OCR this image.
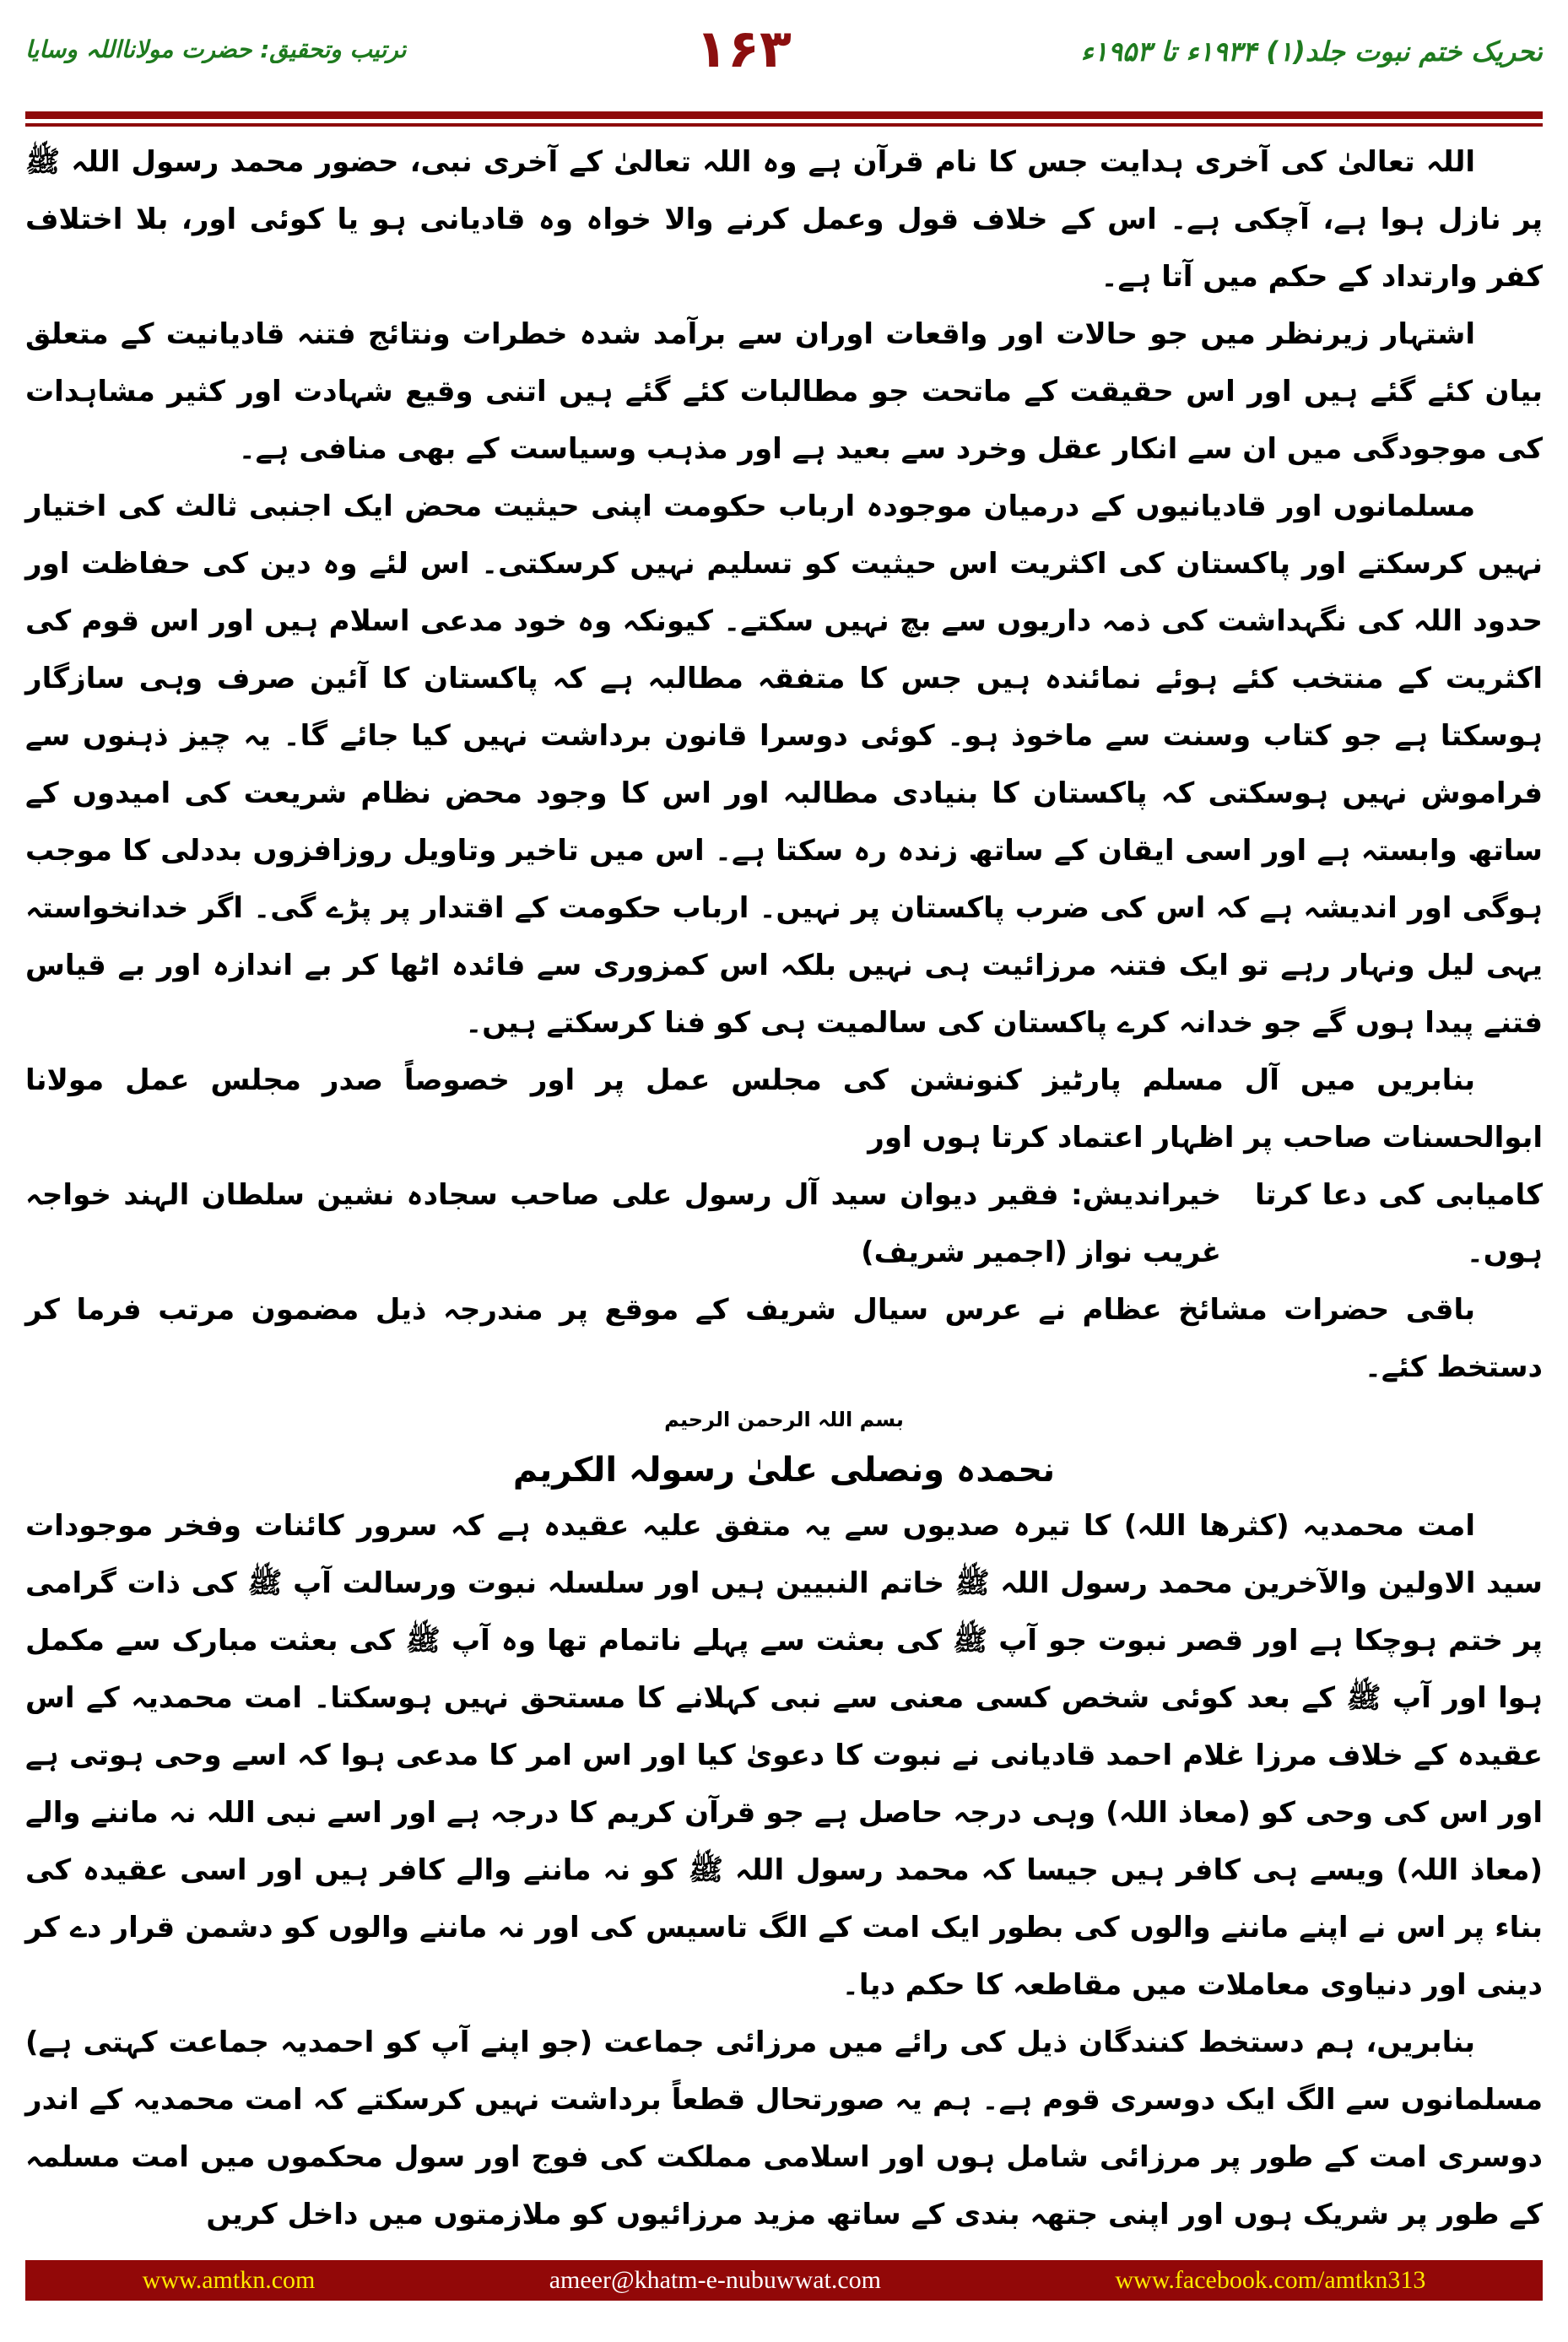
تحریک ختم نبوت جلد(۱) ۱۹۳۴ء تا ۱۹۵۳ء
۱۶۳
ترتیب وتحقیق: حضرت مولانااللہ وسایا

اللہ تعالیٰ کی آخری ہدایت جس کا نام قرآن ہے وہ اللہ تعالیٰ کے آخری نبی، حضور محمد رسول اللہ ﷺ پر نازل ہوا ہے، آچکی ہے۔ اس کے خلاف قول وعمل کرنے والا خواہ وہ قادیانی ہو یا کوئی اور، بلا اختلاف کفر وارتداد کے حکم میں آتا ہے۔

اشتہار زیرنظر میں جو حالات اور واقعات اوران سے برآمد شدہ خطرات ونتائج فتنہ قادیانیت کے متعلق بیان کئے گئے ہیں اور اس حقیقت کے ماتحت جو مطالبات کئے گئے ہیں اتنی وقیع شہادت اور کثیر مشاہدات کی موجودگی میں ان سے انکار عقل وخرد سے بعید ہے اور مذہب وسیاست کے بھی منافی ہے۔

مسلمانوں اور قادیانیوں کے درمیان موجودہ ارباب حکومت اپنی حیثیت محض ایک اجنبی ثالث کی اختیار نہیں کرسکتے اور پاکستان کی اکثریت اس حیثیت کو تسلیم نہیں کرسکتی۔ اس لئے وہ دین کی حفاظت اور حدود اللہ کی نگہداشت کی ذمہ داریوں سے بچ نہیں سکتے۔ کیونکہ وہ خود مدعی اسلام ہیں اور اس قوم کی اکثریت کے منتخب کئے ہوئے نمائندہ ہیں جس کا متفقہ مطالبہ ہے کہ پاکستان کا آئین صرف وہی سازگار ہوسکتا ہے جو کتاب وسنت سے ماخوذ ہو۔ کوئی دوسرا قانون برداشت نہیں کیا جائے گا۔ یہ چیز ذہنوں سے فراموش نہیں ہوسکتی کہ پاکستان کا بنیادی مطالبہ اور اس کا وجود محض نظام شریعت کی امیدوں کے ساتھ وابستہ ہے اور اسی ایقان کے ساتھ زندہ رہ سکتا ہے۔ اس میں تاخیر وتاویل روزافزوں بددلی کا موجب ہوگی اور اندیشہ ہے کہ اس کی ضرب پاکستان پر نہیں۔ ارباب حکومت کے اقتدار پر پڑے گی۔ اگر خدانخواستہ یہی لیل ونہار رہے تو ایک فتنہ مرزائیت ہی نہیں بلکہ اس کمزوری سے فائدہ اٹھا کر بے اندازہ اور بے قیاس فتنے پیدا ہوں گے جو خدانہ کرے پاکستان کی سالمیت ہی کو فنا کرسکتے ہیں۔

بنابریں میں آل مسلم پارٹیز کنونشن کی مجلس عمل پر اور خصوصاً صدر مجلس عمل مولانا ابوالحسنات صاحب پر اظہار اعتماد کرتا ہوں اور

کامیابی کی دعا کرتا ہوں۔
خیراندیش: فقیر دیوان سید آل رسول علی صاحب سجادہ نشین سلطان الہند خواجہ غریب نواز (اجمیر شریف)

باقی حضرات مشائخ عظام نے عرس سیال شریف کے موقع پر مندرجہ ذیل مضمون مرتب فرما کر دستخط کئے۔

بسم اللہ الرحمن الرحیم

نحمدہ ونصلی علیٰ رسولہ الکریم

امت محمدیہ (کثرھا اللہ) کا تیرہ صدیوں سے یہ متفق علیہ عقیدہ ہے کہ سرور کائنات وفخر موجودات سید الاولین والآخرین محمد رسول اللہ ﷺ خاتم النبیین ہیں اور سلسلہ نبوت ورسالت آپ ﷺ کی ذات گرامی پر ختم ہوچکا ہے اور قصر نبوت جو آپ ﷺ کی بعثت سے پہلے ناتمام تھا وہ آپ ﷺ کی بعثت مبارک سے مکمل ہوا اور آپ ﷺ کے بعد کوئی شخص کسی معنی سے نبی کہلانے کا مستحق نہیں ہوسکتا۔ امت محمدیہ کے اس عقیدہ کے خلاف مرزا غلام احمد قادیانی نے نبوت کا دعویٰ کیا اور اس امر کا مدعی ہوا کہ اسے وحی ہوتی ہے اور اس کی وحی کو (معاذ اللہ) وہی درجہ حاصل ہے جو قرآن کریم کا درجہ ہے اور اسے نبی اللہ نہ ماننے والے (معاذ اللہ) ویسے ہی کافر ہیں جیسا کہ محمد رسول اللہ ﷺ کو نہ ماننے والے کافر ہیں اور اسی عقیدہ کی بناء پر اس نے اپنے ماننے والوں کی بطور ایک امت کے الگ تاسیس کی اور نہ ماننے والوں کو دشمن قرار دے کر دینی اور دنیاوی معاملات میں مقاطعہ کا حکم دیا۔

بنابریں، ہم دستخط کنندگان ذیل کی رائے میں مرزائی جماعت (جو اپنے آپ کو احمدیہ جماعت کہتی ہے) مسلمانوں سے الگ ایک دوسری قوم ہے۔ ہم یہ صورتحال قطعاً برداشت نہیں کرسکتے کہ امت محمدیہ کے اندر دوسری امت کے طور پر مرزائی شامل ہوں اور اسلامی مملکت کی فوج اور سول محکموں میں امت مسلمہ کے طور پر شریک ہوں اور اپنی جتھہ بندی کے ساتھ مزید مرزائیوں کو ملازمتوں میں داخل کریں

www.amtkn.com	ameer@khatm-e-nubuwwat.com	www.facebook.com/amtkn313
